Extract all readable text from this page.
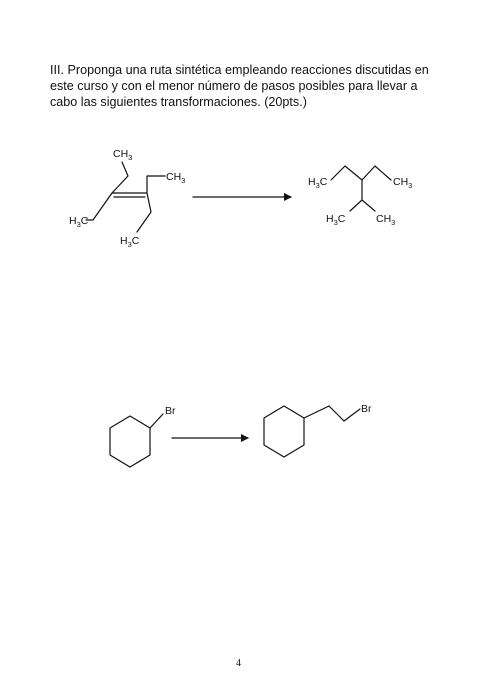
III. Proponga una ruta sintética empleando reacciones discutidas en
este curso y con el menor número de pasos posibles para llevar a
cabo las siguientes transformaciones. (20pts.)
$CH_3$
$CH_3$
$H_3C$
$H_3C$
$H_3C$	$CH_3$
$H_3C$	$CH_3$
Br	Br
4
